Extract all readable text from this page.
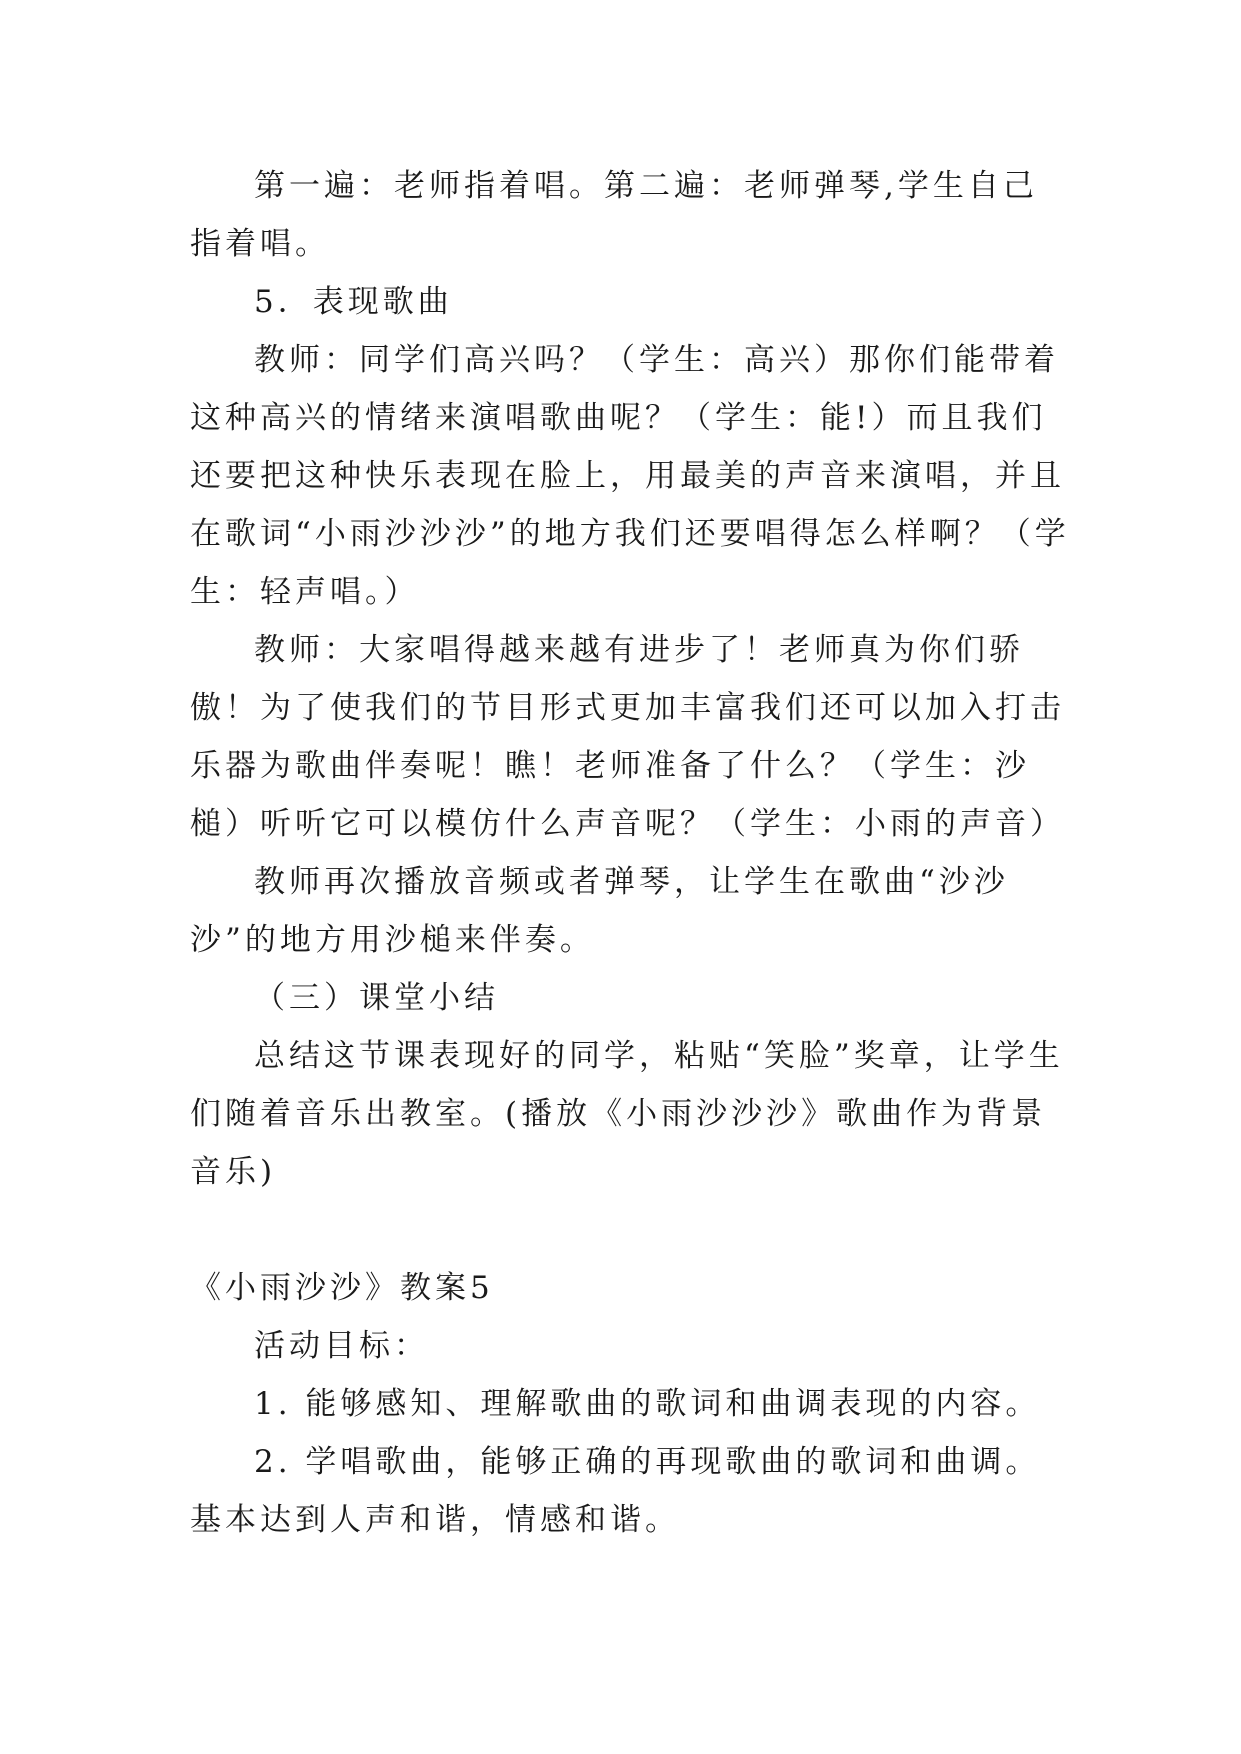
第一遍：老师指着唱。第二遍：老师弹琴,学生自己指着唱。

5．表现歌曲

教师：同学们高兴吗？（学生：高兴）那你们能带着这种高兴的情绪来演唱歌曲呢？（学生：能!）而且我们还要把这种快乐表现在脸上，用最美的声音来演唱，并且在歌词“小雨沙沙沙”的地方我们还要唱得怎么样啊？（学生：轻声唱。）

教师：大家唱得越来越有进步了！老师真为你们骄傲！为了使我们的节目形式更加丰富我们还可以加入打击乐器为歌曲伴奏呢！瞧！老师准备了什么？（学生：沙槌）听听它可以模仿什么声音呢？（学生：小雨的声音）

教师再次播放音频或者弹琴，让学生在歌曲“沙沙沙”的地方用沙槌来伴奏。

（三）课堂小结

总结这节课表现好的同学，粘贴“笑脸”奖章，让学生们随着音乐出教室。(播放《小雨沙沙沙》歌曲作为背景音乐)

《小雨沙沙》教案5

活动目标：

1. 能够感知、理解歌曲的歌词和曲调表现的内容。

2. 学唱歌曲，能够正确的再现歌曲的歌词和曲调。基本达到人声和谐，情感和谐。
